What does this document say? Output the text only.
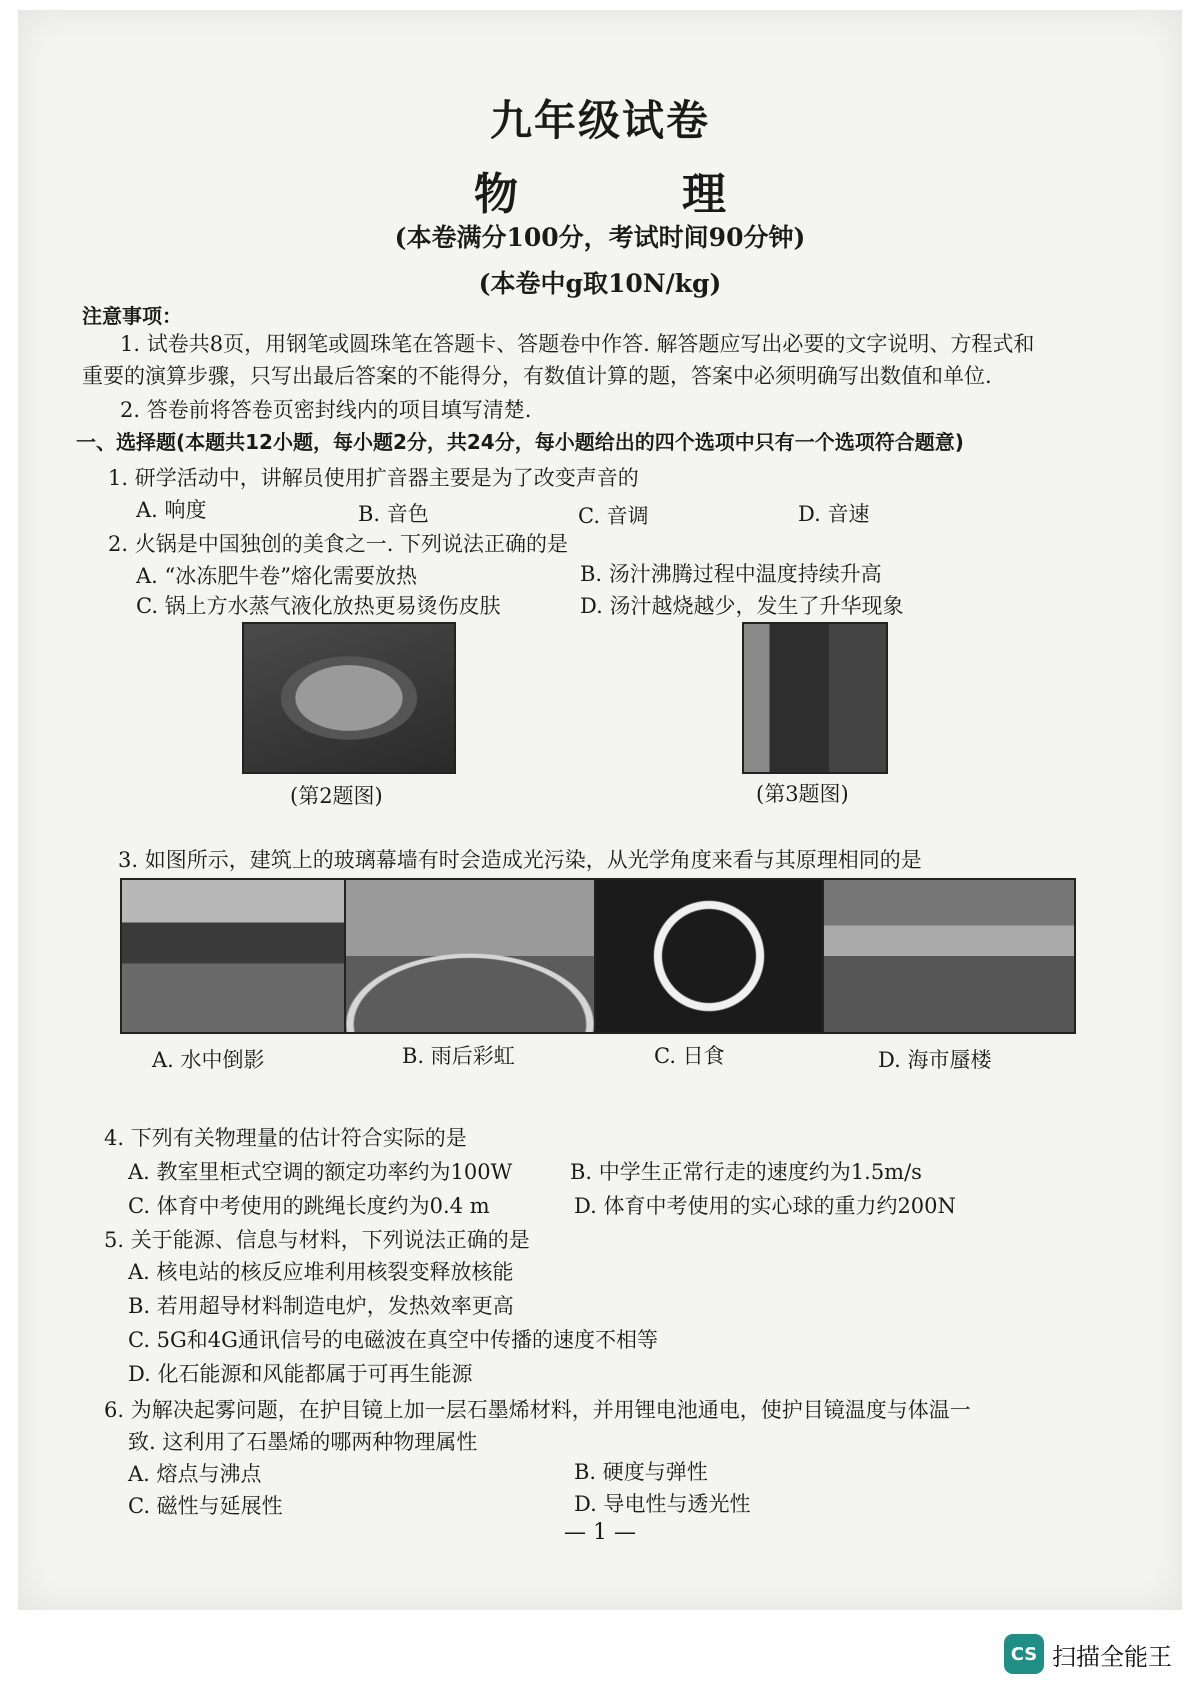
九年级试卷
物　理
(本卷满分100分，考试时间90分钟)
(本卷中g取10N/kg)
注意事项：
1. 试卷共8页，用钢笔或圆珠笔在答题卡、答题卷中作答. 解答题应写出必要的文字说明、方程式和
重要的演算步骤，只写出最后答案的不能得分，有数值计算的题，答案中必须明确写出数值和单位.
2. 答卷前将答卷页密封线内的项目填写清楚.
一、选择题(本题共12小题，每小题2分，共24分，每小题给出的四个选项中只有一个选项符合题意)
1. 研学活动中，讲解员使用扩音器主要是为了改变声音的
A. 响度	B. 音色	C. 音调	D. 音速
2. 火锅是中国独创的美食之一. 下列说法正确的是
A. “冰冻肥牛卷”熔化需要放热	B. 汤汁沸腾过程中温度持续升高
C. 锅上方水蒸气液化放热更易烫伤皮肤	D. 汤汁越烧越少，发生了升华现象
(第2题图)	(第3题图)
3. 如图所示，建筑上的玻璃幕墙有时会造成光污染，从光学角度来看与其原理相同的是
A. 水中倒影	B. 雨后彩虹	C. 日食	D. 海市蜃楼
4. 下列有关物理量的估计符合实际的是
A. 教室里柜式空调的额定功率约为100W	B. 中学生正常行走的速度约为1.5m/s
C. 体育中考使用的跳绳长度约为0.4 m	D. 体育中考使用的实心球的重力约200N
5. 关于能源、信息与材料，下列说法正确的是
A. 核电站的核反应堆利用核裂变释放核能
B. 若用超导材料制造电炉，发热效率更高
C. 5G和4G通讯信号的电磁波在真空中传播的速度不相等
D. 化石能源和风能都属于可再生能源
6. 为解决起雾问题，在护目镜上加一层石墨烯材料，并用锂电池通电，使护目镜温度与体温一
致. 这利用了石墨烯的哪两种物理属性
A. 熔点与沸点	B. 硬度与弹性
C. 磁性与延展性	D. 导电性与透光性
— 1 —
CS 扫描全能王
